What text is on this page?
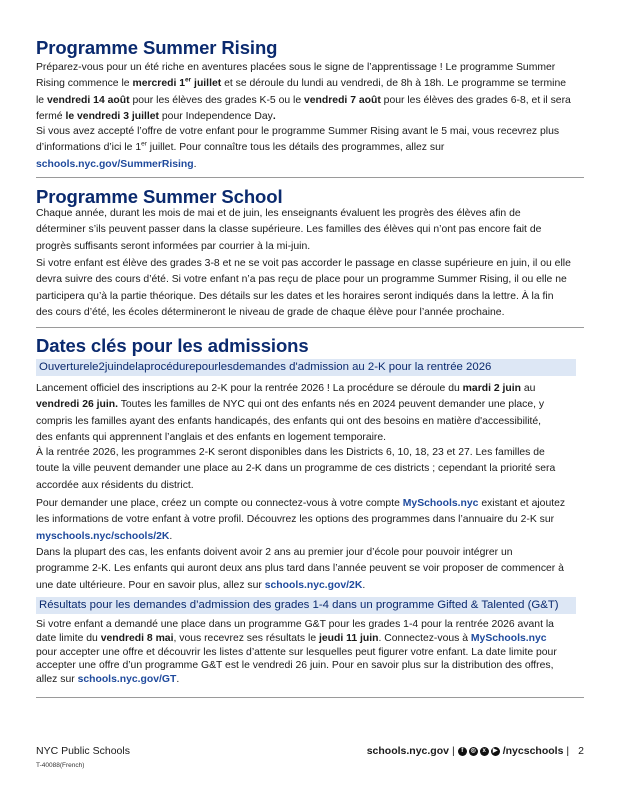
Programme Summer Rising

Préparez-vous pour un été riche en aventures placées sous le signe de l’apprentissage ! Le programme Summer

Rising commence le mercredi 1er juillet et se déroule du lundi au vendredi, de 8h à 18h. Le programme se termine

le vendredi 14 août pour les élèves des grades K-5 ou le vendredi 7 août pour les élèves des grades 6-8, et il sera

fermé le vendredi 3 juillet pour Independence Day.

Si vous avez accepté l’offre de votre enfant pour le programme Summer Rising avant le 5 mai, vous recevrez plus

d’informations d’ici le 1er juillet. Pour connaître tous les détails des programmes, allez sur

schools.nyc.gov/SummerRising.

Programme Summer School

Chaque année, durant les mois de mai et de juin, les enseignants évaluent les progrès des élèves afin de

déterminer s’ils peuvent passer dans la classe supérieure. Les familles des élèves qui n’ont pas encore fait de

progrès suffisants seront informées par courrier à la mi-juin.

Si votre enfant est élève des grades 3-8 et ne se voit pas accorder le passage en classe supérieure en juin, il ou elle

devra suivre des cours d’été. Si votre enfant n’a pas reçu de place pour un programme Summer Rising, il ou elle ne

participera qu’à la partie théorique. Des détails sur les dates et les horaires seront indiqués dans la lettre. À la fin

des cours d’été, les écoles détermineront le niveau de grade de chaque élève pour l’année prochaine.

Dates clés pour les admissions
Ouverturele2juindelaprocédurepourlesdemandes d'admission au 2-K pour la rentrée 2026

Lancement officiel des inscriptions au 2-K pour la rentrée 2026 ! La procédure se déroule du mardi 2 juin au

vendredi 26 juin. Toutes les familles de NYC qui ont des enfants nés en 2024 peuvent demander une place, y

compris les familles ayant des enfants handicapés, des enfants qui ont des besoins en matière d'accessibilité,

des enfants qui apprennent l’anglais et des enfants en logement temporaire.

À la rentrée 2026, les programmes 2-K seront disponibles dans les Districts 6, 10, 18, 23 et 27. Les familles de

toute la ville peuvent demander une place au 2-K dans un programme de ces districts ; cependant la priorité sera

accordée aux résidents du district.

Pour demander une place, créez un compte ou connectez-vous à votre compte MySchools.nyc existant et ajoutez

les informations de votre enfant à votre profil. Découvrez les options des programmes dans l’annuaire du 2-K sur

myschools.nyc/schools/2K.

Dans la plupart des cas, les enfants doivent avoir 2 ans au premier jour d’école pour pouvoir intégrer un

programme 2-K. Les enfants qui auront deux ans plus tard dans l’année peuvent se voir proposer de commencer à

une date ultérieure. Pour en savoir plus, allez sur schools.nyc.gov/2K.

Résultats pour les demandes d’admission des grades 1-4 dans un programme Gifted & Talented (G&T)

Si votre enfant a demandé une place dans un programme G&T pour les grades 1-4 pour la rentrée 2026 avant la

date limite du vendredi 8 mai, vous recevrez ses résultats le jeudi 11 juin. Connectez-vous à MySchools.nyc

pour accepter une offre et découvrir les listes d’attente sur lesquelles peut figurer votre enfant. La date limite pour

accepter une offre d’un programme G&T est le vendredi 26 juin. Pour en savoir plus sur la distribution des offres,

allez sur schools.nyc.gov/GT.

NYC Public Schools
T-40088(French)
schools.nyc.gov |	f	◎	x	▶ /nycschools | 2
